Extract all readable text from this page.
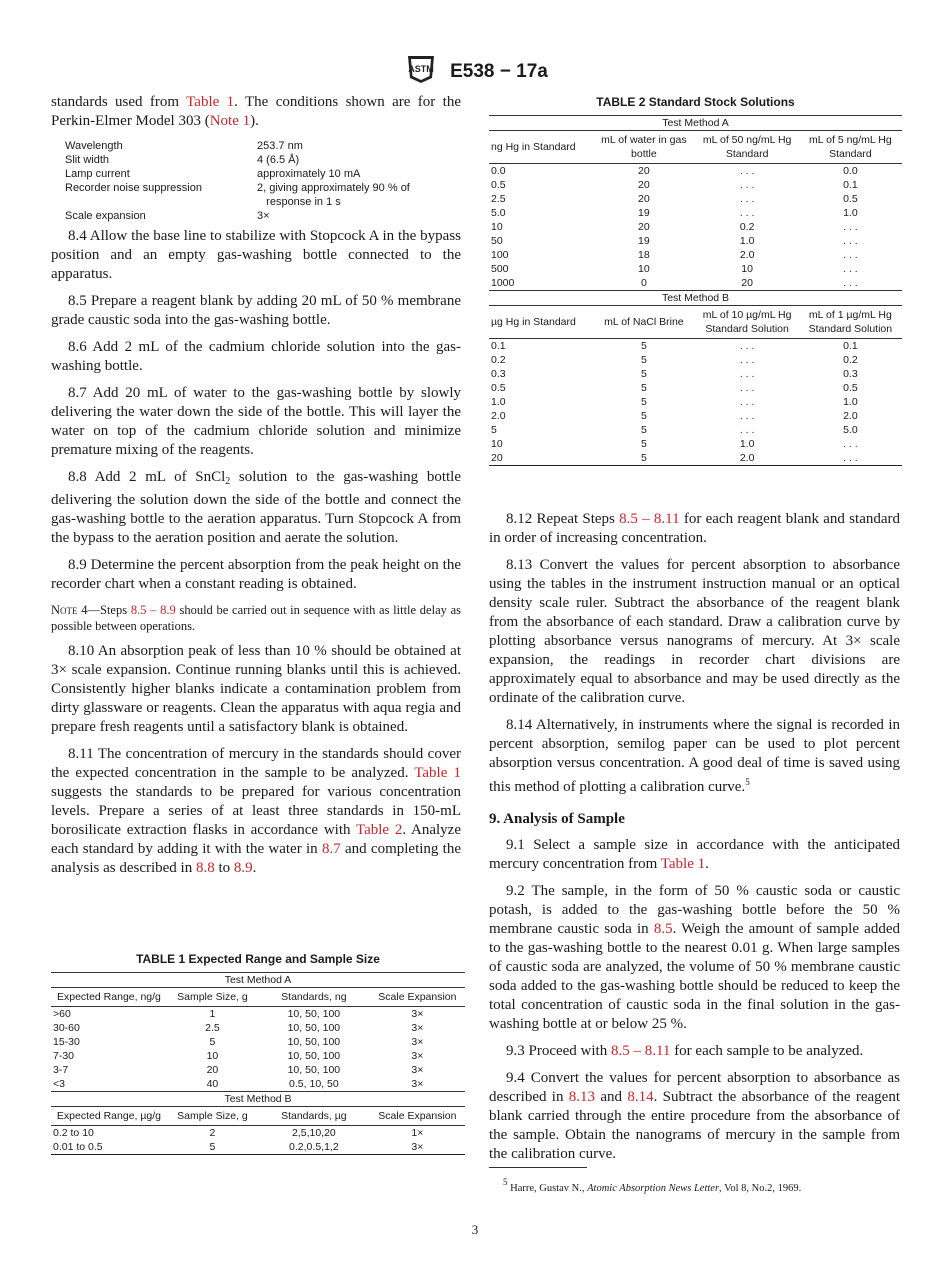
ASTM E538 − 17a

standards used from Table 1. The conditions shown are for the Perkin-Elmer Model 303 (Note 1).

Wavelength	253.7 nm
Slit width	4 (6.5 Å)
Lamp current	approximately 10 mA
Recorder noise suppression	2, giving approximately 90 % of
	response in 1 s
Scale expansion	3×

8.4 Allow the base line to stabilize with Stopcock A in the bypass position and an empty gas-washing bottle connected to the apparatus.

8.5 Prepare a reagent blank by adding 20 mL of 50 % membrane grade caustic soda into the gas-washing bottle.

8.6 Add 2 mL of the cadmium chloride solution into the gas-washing bottle.

8.7 Add 20 mL of water to the gas-washing bottle by slowly delivering the water down the side of the bottle. This will layer the water on top of the cadmium chloride solution and minimize premature mixing of the reagents.

8.8 Add 2 mL of SnCl$_2$ solution to the gas-washing bottle delivering the solution down the side of the bottle and connect the gas-washing bottle to the aeration apparatus. Turn Stopcock A from the bypass to the aeration position and aerate the solution.

8.9 Determine the percent absorption from the peak height on the recorder chart when a constant reading is obtained.

Note 4—Steps 8.5 – 8.9 should be carried out in sequence with as little delay as possible between operations.

8.10 An absorption peak of less than 10 % should be obtained at 3× scale expansion. Continue running blanks until this is achieved. Consistently higher blanks indicate a contamination problem from dirty glassware or reagents. Clean the apparatus with aqua regia and prepare fresh reagents until a satisfactory blank is obtained.

8.11 The concentration of mercury in the standards should cover the expected concentration in the sample to be analyzed. Table 1 suggests the standards to be prepared for various concentration levels. Prepare a series of at least three standards in 150-mL borosilicate extraction flasks in accordance with Table 2. Analyze each standard by adding it with the water in 8.7 and completing the analysis as described in 8.8 to 8.9.

TABLE 1 Expected Range and Sample Size
Test Method A			
Expected Range, ng/g	Sample Size, g	Standards, ng	Scale Expansion
>60	1	10, 50, 100	3×
30-60	2.5	10, 50, 100	3×
15-30	5	10, 50, 100	3×
7-30	10	10, 50, 100	3×
3-7	20	10, 50, 100	3×
<3	40	0.5, 10, 50	3×
Test Method B			
Expected Range, µg/g	Sample Size, g	Standards, µg	Scale Expansion
0.2 to 10	2	2,5,10,20	1×
0.01 to 0.5	5	0.2,0.5,1,2	3×
TABLE 2 Standard Stock Solutions
Test Method A			
ng Hg in Standard	mL of water in gas bottle	mL of 50 ng/mL Hg Standard	mL of 5 ng/mL Hg Standard
0.0	20	. . .	0.0
0.5	20	. . .	0.1
2.5	20	. . .	0.5
5.0	19	. . .	1.0
10	20	0.2	. . .
50	19	1.0	. . .
100	18	2.0	. . .
500	10	10	. . .
1000	0	20	. . .
Test Method B			
µg Hg in Standard	mL of NaCl Brine	mL of 10 µg/mL Hg Standard Solution	mL of 1 µg/mL Hg Standard Solution
0.1	5	. . .	0.1
0.2	5	. . .	0.2
0.3	5	. . .	0.3
0.5	5	. . .	0.5
1.0	5	. . .	1.0
2.0	5	. . .	2.0
5	5	. . .	5.0
10	5	1.0	. . .
20	5	2.0	. . .

8.12 Repeat Steps 8.5 – 8.11 for each reagent blank and standard in order of increasing concentration.

8.13 Convert the values for percent absorption to absorbance using the tables in the instrument instruction manual or an optical density scale ruler. Subtract the absorbance of the reagent blank from the absorbance of each standard. Draw a calibration curve by plotting absorbance versus nanograms of mercury. At 3× scale expansion, the readings in recorder chart divisions are approximately equal to absorbance and may be used directly as the ordinate of the calibration curve.

8.14 Alternatively, in instruments where the signal is recorded in percent absorption, semilog paper can be used to plot percent absorption versus concentration. A good deal of time is saved using this method of plotting a calibration curve.$^5$

9. Analysis of Sample

9.1 Select a sample size in accordance with the anticipated mercury concentration from Table 1.

9.2 The sample, in the form of 50 % caustic soda or caustic potash, is added to the gas-washing bottle before the 50 % membrane caustic soda in 8.5. Weigh the amount of sample added to the gas-washing bottle to the nearest 0.01 g. When large samples of caustic soda are analyzed, the volume of 50 % membrane caustic soda added to the gas-washing bottle should be reduced to keep the total concentration of caustic soda in the final solution in the gas-washing bottle at or below 25 %.

9.3 Proceed with 8.5 – 8.11 for each sample to be analyzed.

9.4 Convert the values for percent absorption to absorbance as described in 8.13 and 8.14. Subtract the absorbance of the reagent blank carried through the entire procedure from the absorbance of the sample. Obtain the nanograms of mercury in the sample from the calibration curve.

5 Harre, Gustav N., Atomic Absorption News Letter, Vol 8, No.2, 1969.

3
